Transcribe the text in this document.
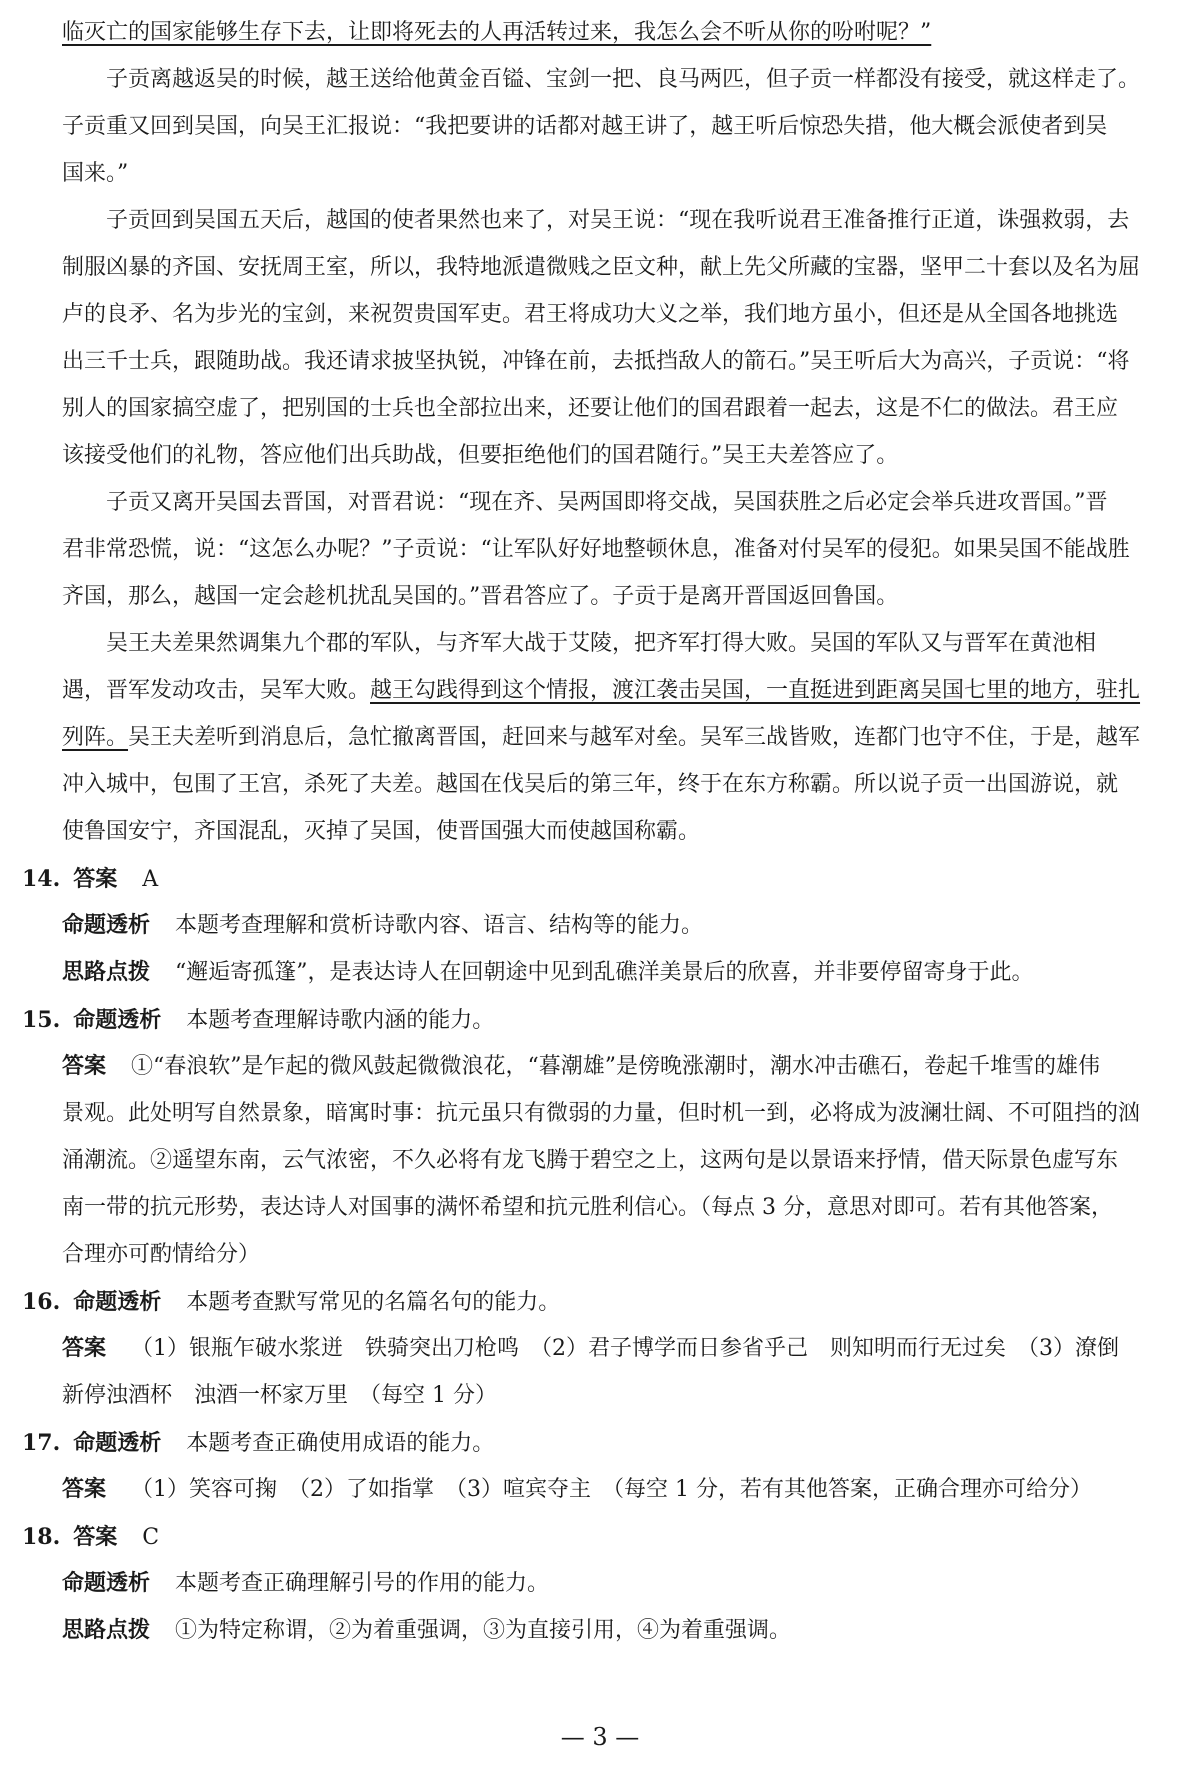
临灭亡的国家能够生存下去，让即将死去的人再活转过来，我怎么会不听从你的吩咐呢？”
子贡离越返吴的时候，越王送给他黄金百镒、宝剑一把、良马两匹，但子贡一样都没有接受，就这样走了。
子贡重又回到吴国，向吴王汇报说：“我把要讲的话都对越王讲了，越王听后惊恐失措，他大概会派使者到吴
国来。”
子贡回到吴国五天后，越国的使者果然也来了，对吴王说：“现在我听说君王准备推行正道，诛强救弱，去
制服凶暴的齐国、安抚周王室，所以，我特地派遣微贱之臣文种，献上先父所藏的宝器，坚甲二十套以及名为屈
卢的良矛、名为步光的宝剑，来祝贺贵国军吏。君王将成功大义之举，我们地方虽小，但还是从全国各地挑选
出三千士兵，跟随助战。我还请求披坚执锐，冲锋在前，去抵挡敌人的箭石。”吴王听后大为高兴，子贡说：“将
别人的国家搞空虚了，把别国的士兵也全部拉出来，还要让他们的国君跟着一起去，这是不仁的做法。君王应
该接受他们的礼物，答应他们出兵助战，但要拒绝他们的国君随行。”吴王夫差答应了。
子贡又离开吴国去晋国，对晋君说：“现在齐、吴两国即将交战，吴国获胜之后必定会举兵进攻晋国。”晋
君非常恐慌，说：“这怎么办呢？”子贡说：“让军队好好地整顿休息，准备对付吴军的侵犯。如果吴国不能战胜
齐国，那么，越国一定会趁机扰乱吴国的。”晋君答应了。子贡于是离开晋国返回鲁国。
吴王夫差果然调集九个郡的军队，与齐军大战于艾陵，把齐军打得大败。吴国的军队又与晋军在黄池相
遇，晋军发动攻击，吴军大败。越王勾践得到这个情报，渡江袭击吴国，一直挺进到距离吴国七里的地方，驻扎
列阵。吴王夫差听到消息后，急忙撤离晋国，赶回来与越军对垒。吴军三战皆败，连都门也守不住，于是，越军
冲入城中，包围了王宫，杀死了夫差。越国在伐吴后的第三年，终于在东方称霸。所以说子贡一出国游说，就
使鲁国安宁，齐国混乱，灭掉了吴国，使晋国强大而使越国称霸。
14. 答案 A
命题透析 本题考查理解和赏析诗歌内容、语言、结构等的能力。
思路点拨 “邂逅寄孤篷”，是表达诗人在回朝途中见到乱礁洋美景后的欣喜，并非要停留寄身于此。
15. 命题透析 本题考查理解诗歌内涵的能力。
答案 ①“春浪软”是乍起的微风鼓起微微浪花，“暮潮雄”是傍晚涨潮时，潮水冲击礁石，卷起千堆雪的雄伟
景观。此处明写自然景象，暗寓时事：抗元虽只有微弱的力量，但时机一到，必将成为波澜壮阔、不可阻挡的汹
涌潮流。②遥望东南，云气浓密，不久必将有龙飞腾于碧空之上，这两句是以景语来抒情，借天际景色虚写东
南一带的抗元形势，表达诗人对国事的满怀希望和抗元胜利信心。（每点 3 分，意思对即可。若有其他答案，
合理亦可酌情给分）
16. 命题透析 本题考查默写常见的名篇名句的能力。
答案 （1）银瓶乍破水浆迸　铁骑突出刀枪鸣　（2）君子博学而日参省乎己　则知明而行无过矣　（3）潦倒
新停浊酒杯　浊酒一杯家万里　（每空 1 分）
17. 命题透析 本题考查正确使用成语的能力。
答案 （1）笑容可掬　（2）了如指掌　（3）喧宾夺主　（每空 1 分，若有其他答案，正确合理亦可给分）
18. 答案 C
命题透析 本题考查正确理解引号的作用的能力。
思路点拨 ①为特定称谓，②为着重强调，③为直接引用，④为着重强调。
— 3 —
